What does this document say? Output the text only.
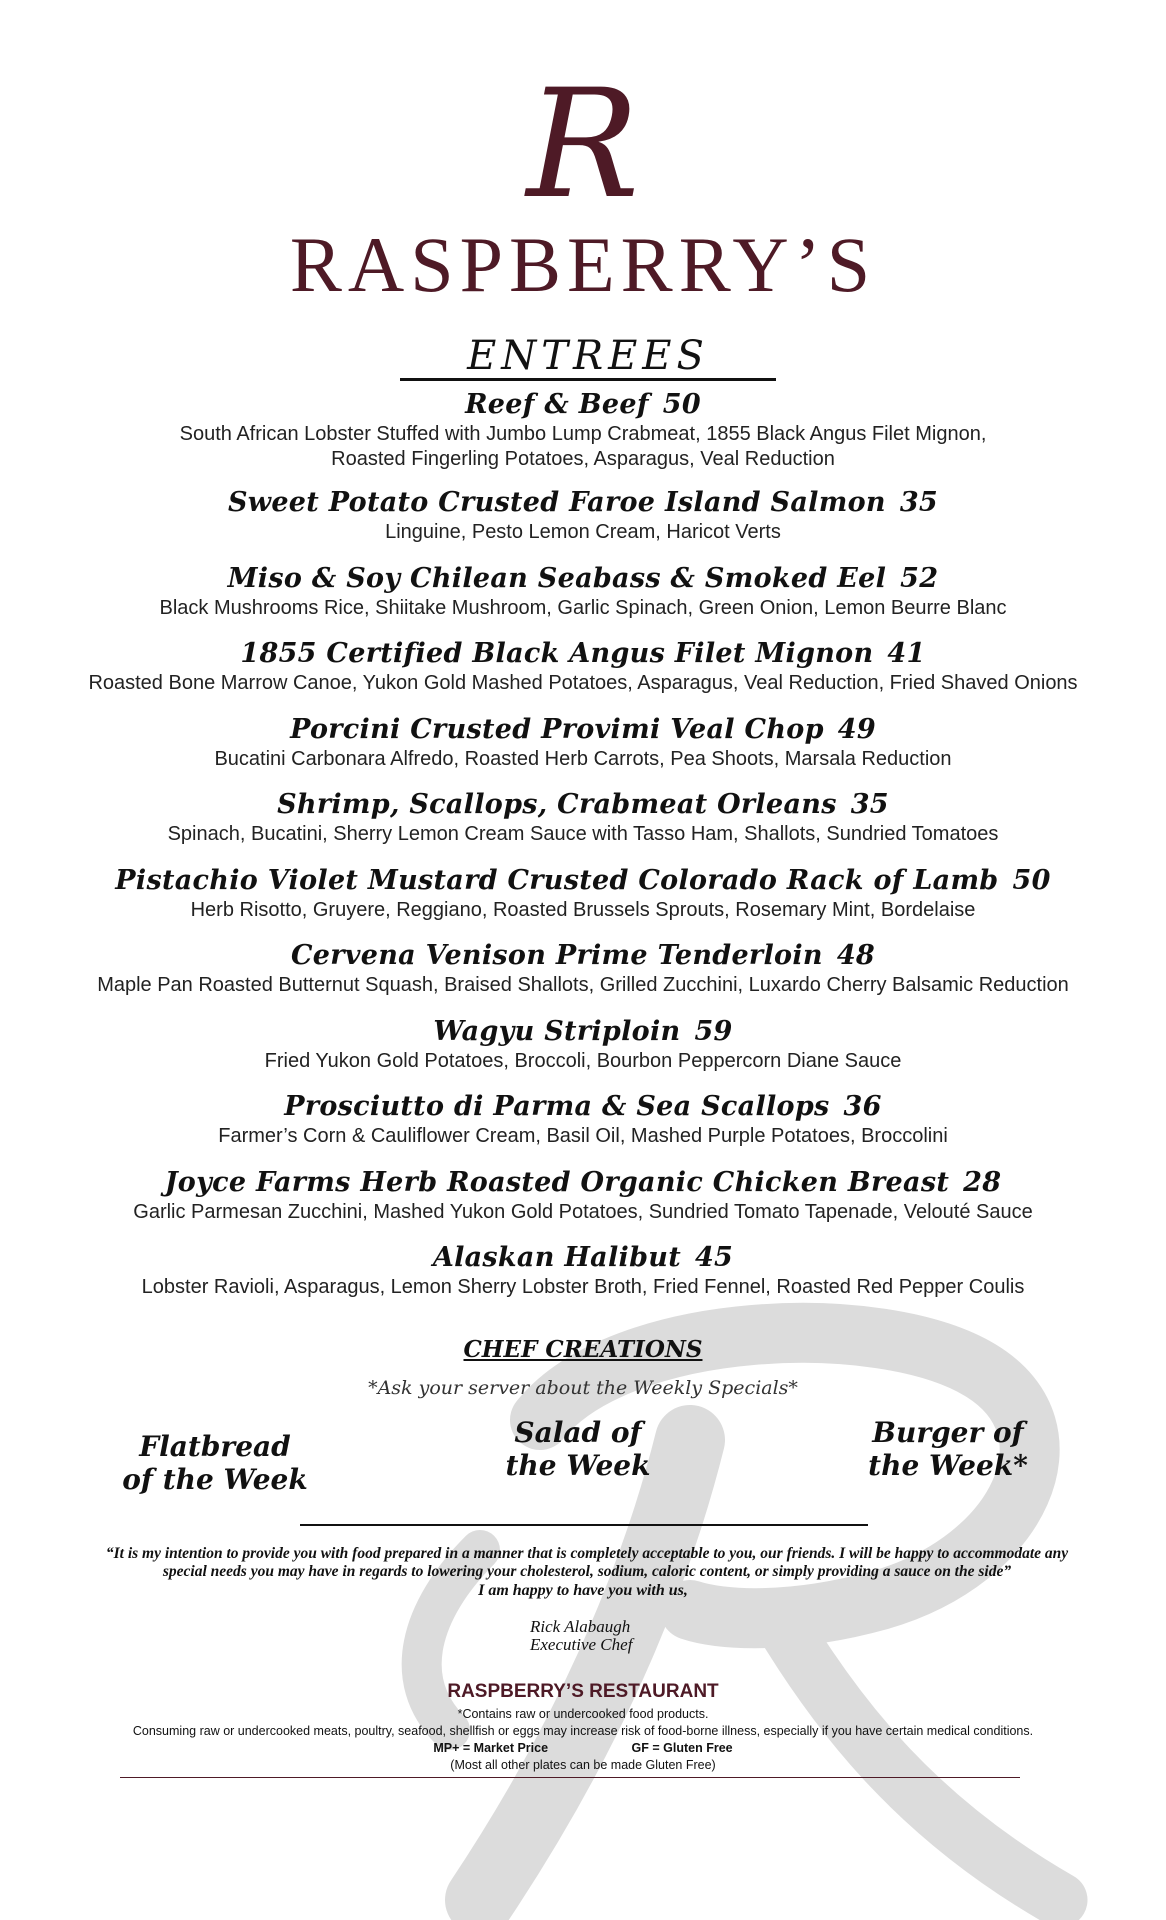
R
RASPBERRY’S
ENTREES
Reef & Beef 50
South African Lobster Stuffed with Jumbo Lump Crabmeat, 1855 Black Angus Filet Mignon,
Roasted Fingerling Potatoes, Asparagus, Veal Reduction
Sweet Potato Crusted Faroe Island Salmon 35
Linguine, Pesto Lemon Cream, Haricot Verts
Miso & Soy Chilean Seabass & Smoked Eel 52
Black Mushrooms Rice, Shiitake Mushroom, Garlic Spinach, Green Onion, Lemon Beurre Blanc
1855 Certified Black Angus Filet Mignon 41
Roasted Bone Marrow Canoe, Yukon Gold Mashed Potatoes, Asparagus, Veal Reduction, Fried Shaved Onions
Porcini Crusted Provimi Veal Chop 49
Bucatini Carbonara Alfredo, Roasted Herb Carrots, Pea Shoots, Marsala Reduction
Shrimp, Scallops, Crabmeat Orleans 35
Spinach, Bucatini, Sherry Lemon Cream Sauce with Tasso Ham, Shallots, Sundried Tomatoes
Pistachio Violet Mustard Crusted Colorado Rack of Lamb 50
Herb Risotto, Gruyere, Reggiano, Roasted Brussels Sprouts, Rosemary Mint, Bordelaise
Cervena Venison Prime Tenderloin 48
Maple Pan Roasted Butternut Squash, Braised Shallots, Grilled Zucchini, Luxardo Cherry Balsamic Reduction
Wagyu Striploin 59
Fried Yukon Gold Potatoes, Broccoli, Bourbon Peppercorn Diane Sauce
Prosciutto di Parma & Sea Scallops 36
Farmer’s Corn & Cauliflower Cream, Basil Oil, Mashed Purple Potatoes, Broccolini
Joyce Farms Herb Roasted Organic Chicken Breast 28
Garlic Parmesan Zucchini, Mashed Yukon Gold Potatoes, Sundried Tomato Tapenade, Velouté Sauce
Alaskan Halibut 45
Lobster Ravioli, Asparagus, Lemon Sherry Lobster Broth, Fried Fennel, Roasted Red Pepper Coulis
CHEF CREATIONS
*Ask your server about the Weekly Specials*
Flatbread
of the Week
Salad of
the Week
Burger of
the Week*
“It is my intention to provide you with food prepared in a manner that is completely acceptable to you, our friends. I will be happy to accommodate any
special needs you may have in regards to lowering your cholesterol, sodium, caloric content, or simply providing a sauce on the side”
I am happy to have you with us,
Rick Alabaugh
Executive Chef
RASPBERRY’S RESTAURANT
*Contains raw or undercooked food products.
Consuming raw or undercooked meats, poultry, seafood, shellfish or eggs may increase risk of food-borne illness, especially if you have certain medical conditions.
MP+ = Market Price	GF = Gluten Free
(Most all other plates can be made Gluten Free)
